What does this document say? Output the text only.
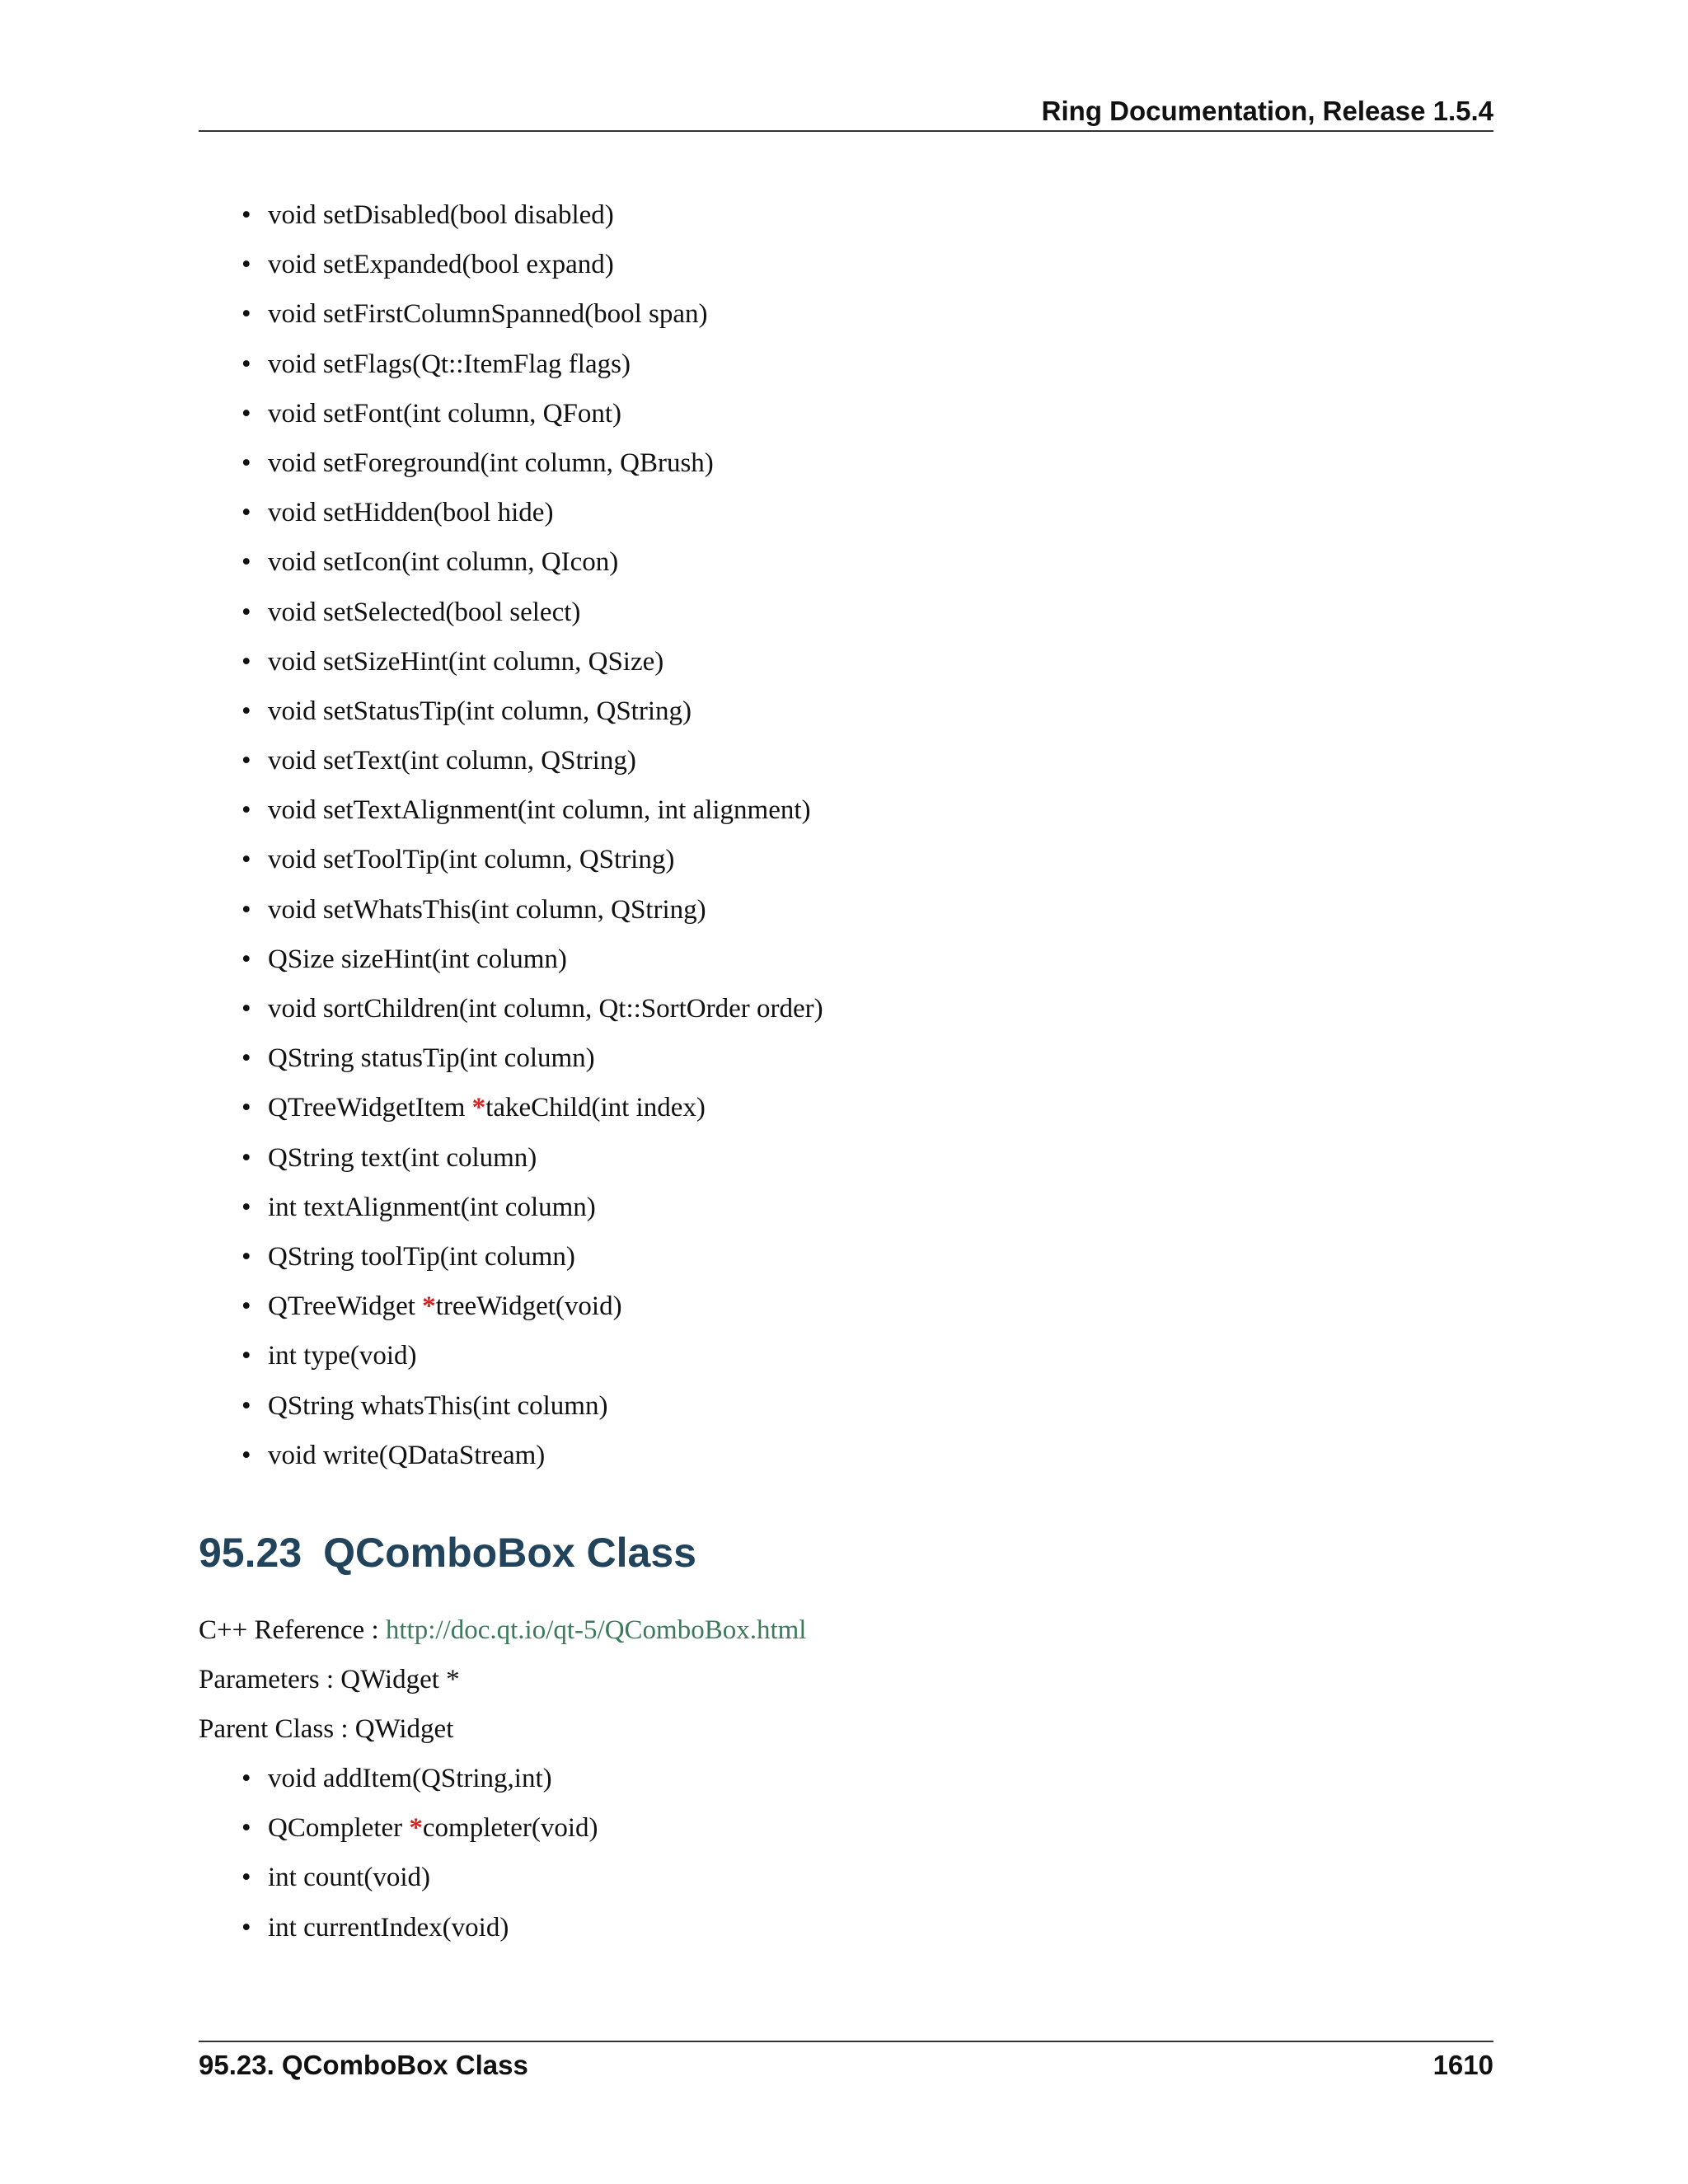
Ring Documentation, Release 1.5.4
• void setDisabled(bool disabled)
• void setExpanded(bool expand)
• void setFirstColumnSpanned(bool span)
• void setFlags(Qt::ItemFlag flags)
• void setFont(int column, QFont)
• void setForeground(int column, QBrush)
• void setHidden(bool hide)
• void setIcon(int column, QIcon)
• void setSelected(bool select)
• void setSizeHint(int column, QSize)
• void setStatusTip(int column, QString)
• void setText(int column, QString)
• void setTextAlignment(int column, int alignment)
• void setToolTip(int column, QString)
• void setWhatsThis(int column, QString)
• QSize sizeHint(int column)
• void sortChildren(int column, Qt::SortOrder order)
• QString statusTip(int column)
• QTreeWidgetItem *takeChild(int index)
• QString text(int column)
• int textAlignment(int column)
• QString toolTip(int column)
• QTreeWidget *treeWidget(void)
• int type(void)
• QString whatsThis(int column)
• void write(QDataStream)
95.23 QComboBox Class
C++ Reference : http://doc.qt.io/qt-5/QComboBox.html
Parameters : QWidget *
Parent Class : QWidget
• void addItem(QString,int)
• QCompleter *completer(void)
• int count(void)
• int currentIndex(void)
95.23. QComboBox Class	1610
